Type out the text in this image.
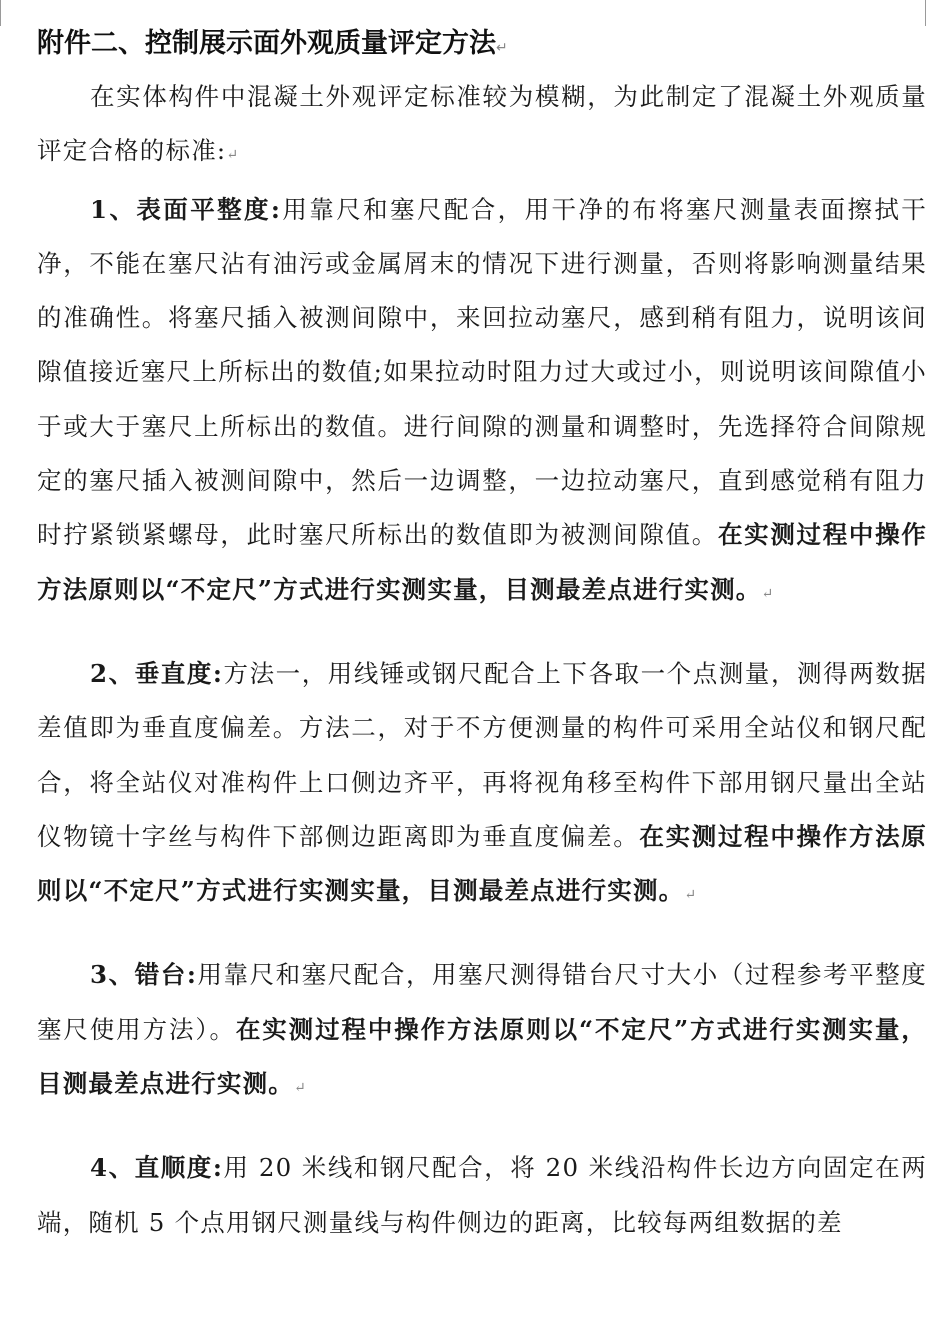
附件二、控制展示面外观质量评定方法↵

在实体构件中混凝土外观评定标准较为模糊，为此制定了混凝土外观质量评定合格的标准:↵

1、表面平整度:用靠尺和塞尺配合，用干净的布将塞尺测量表面擦拭干净，不能在塞尺沾有油污或金属屑末的情况下进行测量，否则将影响测量结果的准确性。将塞尺插入被测间隙中，来回拉动塞尺，感到稍有阻力，说明该间隙值接近塞尺上所标出的数值;如果拉动时阻力过大或过小，则说明该间隙值小于或大于塞尺上所标出的数值。进行间隙的测量和调整时，先选择符合间隙规定的塞尺插入被测间隙中，然后一边调整，一边拉动塞尺，直到感觉稍有阻力时拧紧锁紧螺母，此时塞尺所标出的数值即为被测间隙值。在实测过程中操作方法原则以“不定尺”方式进行实测实量，目测最差点进行实测。↵

2、垂直度:方法一，用线锤或钢尺配合上下各取一个点测量，测得两数据差值即为垂直度偏差。方法二，对于不方便测量的构件可采用全站仪和钢尺配合，将全站仪对准构件上口侧边齐平，再将视角移至构件下部用钢尺量出全站仪物镜十字丝与构件下部侧边距离即为垂直度偏差。在实测过程中操作方法原则以“不定尺”方式进行实测实量，目测最差点进行实测。↵

3、错台:用靠尺和塞尺配合，用塞尺测得错台尺寸大小（过程参考平整度塞尺使用方法）。在实测过程中操作方法原则以“不定尺”方式进行实测实量，目测最差点进行实测。↵

4、直顺度:用 20 米线和钢尺配合，将 20 米线沿构件长边方向固定在两端，随机 5 个点用钢尺测量线与构件侧边的距离，比较每两组数据的差
